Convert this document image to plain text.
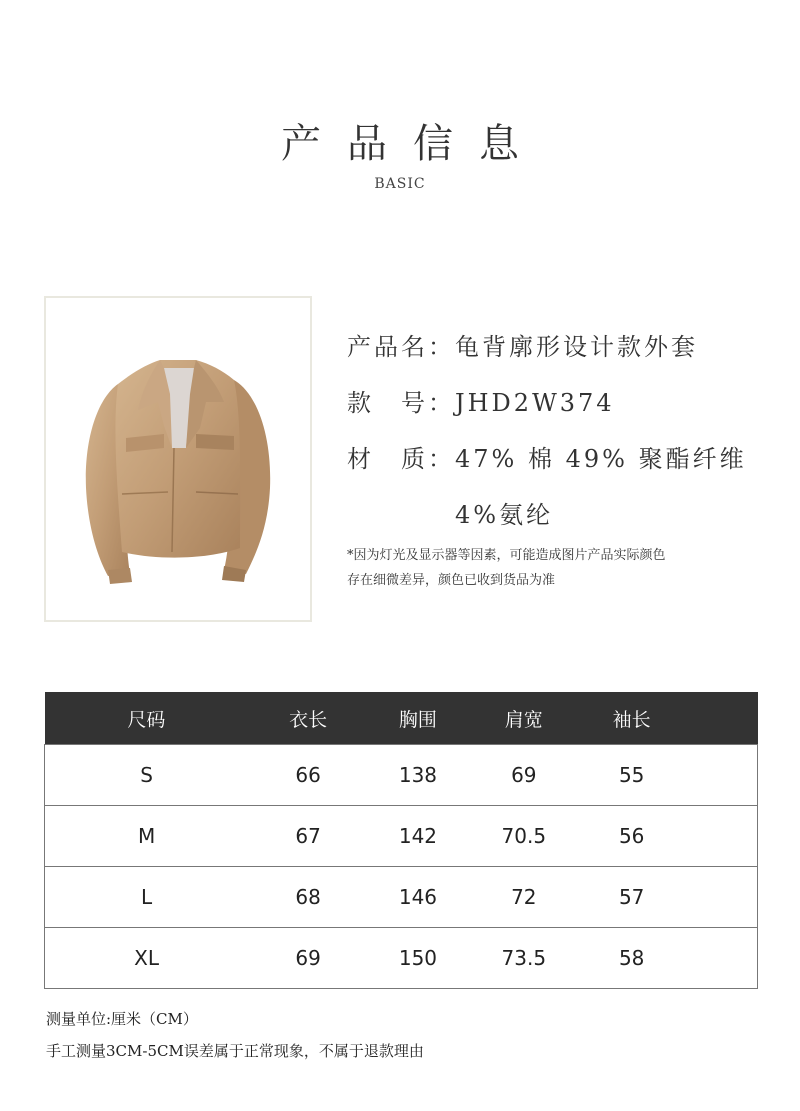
产品信息
BASIC
产品名：龟背廓形设计款外套
款　号：JHD2W374
材　质：47% 棉 49% 聚酯纤维
4%氨纶
*因为灯光及显示器等因素，可能造成图片产品实际颜色
存在细微差异，颜色已收到货品为准
尺码	衣长	胸围	肩宽	袖长	
S	66	138	69	55	
M	67	142	70.5	56	
L	68	146	72	57	
XL	69	150	73.5	58	
测量单位:厘米（CM）
手工测量3CM-5CM误差属于正常现象，不属于退款理由
